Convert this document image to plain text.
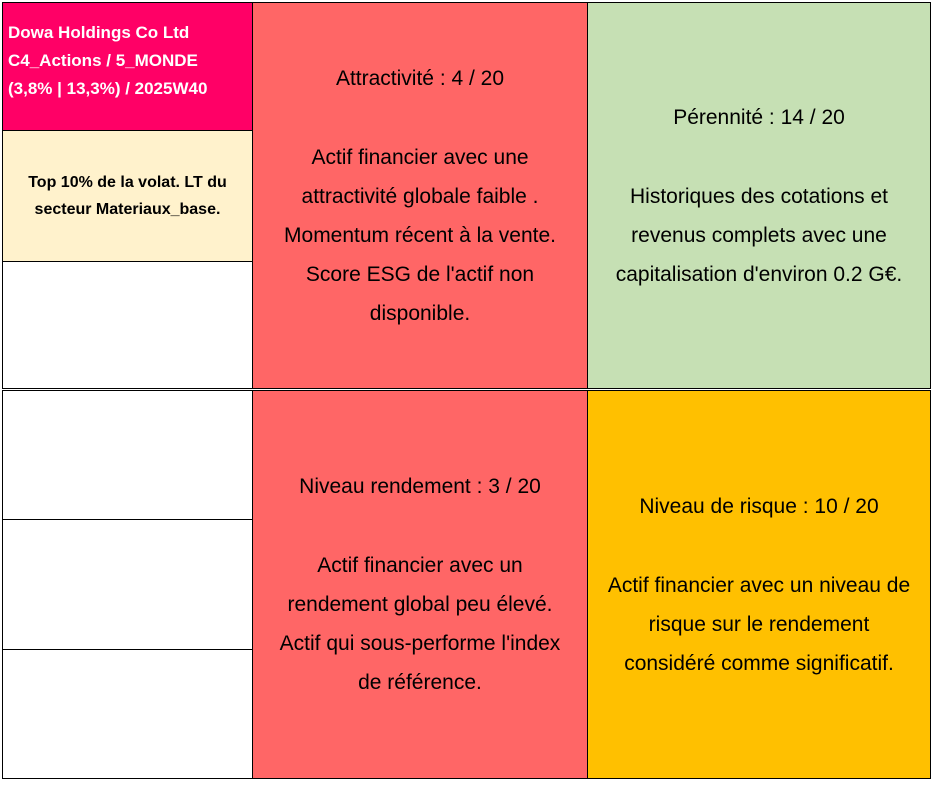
Dowa Holdings Co Ltd
C4_Actions / 5_MONDE
(3,8% | 13,3%) / 2025W40
Top 10% de la volat. LT du
secteur Materiaux_base.
Attractivité : 4 / 20
Actif financier avec une
attractivité globale faible .
Momentum récent à la vente.
Score ESG de l'actif non
disponible.
Pérennité : 14 / 20
Historiques des cotations et
revenus complets avec une
capitalisation d'environ 0.2 G€.
Niveau rendement : 3 / 20
Actif financier avec un
rendement global peu élevé.
Actif qui sous-performe l'index
de référence.
Niveau de risque : 10 / 20
Actif financier avec un niveau de
risque sur le rendement
considéré comme significatif.
